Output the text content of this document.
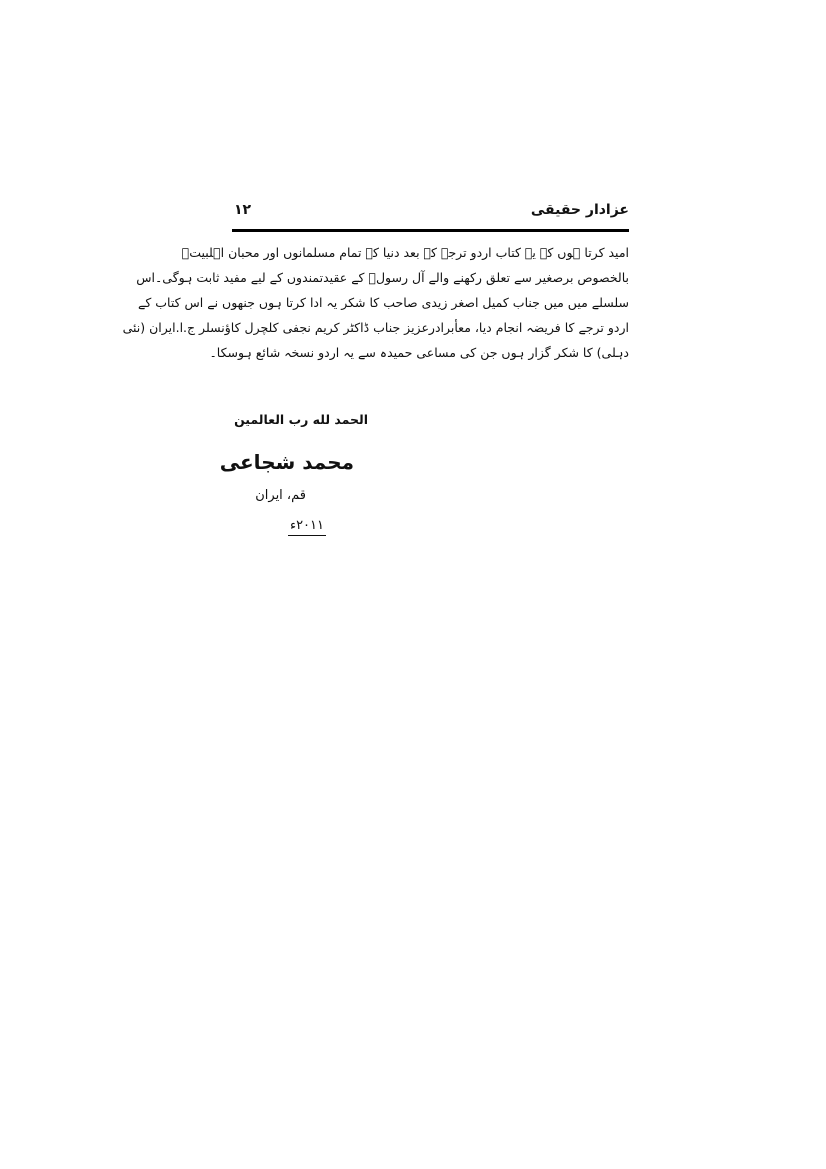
عزادار حقیقی
۱۲
امید کرتا ہوں کہ یہ کتاب اردو ترجے کے بعد دنیا کے تمام مسلمانوں اور محبان اہلبیتؑ
بالخصوص برصغیر سے تعلق رکھنے والے آل رسولؐ کے عقیدتمندوں کے لیے مفید ثابت ہوگی۔اس
سلسلے میں میں جناب کمیل اصغر زیدی صاحب کا شکر یہ ادا کرتا ہوں جنھوں نے اس کتاب کے
اردو ترجے کا فریضہ انجام دیا، معأبرادرعزیز جناب ڈاکٹر کریم نجفی کلچرل کاؤنسلر ج.ا.ایران (نئی
دہلی) کا شکر گزار ہوں جن کی مساعی حمیدہ سے یہ اردو نسخہ شائع ہوسکا۔
الحمد لله رب العالمين
محمد شجاعی
قم، ایران
۲۰۱۱ء
